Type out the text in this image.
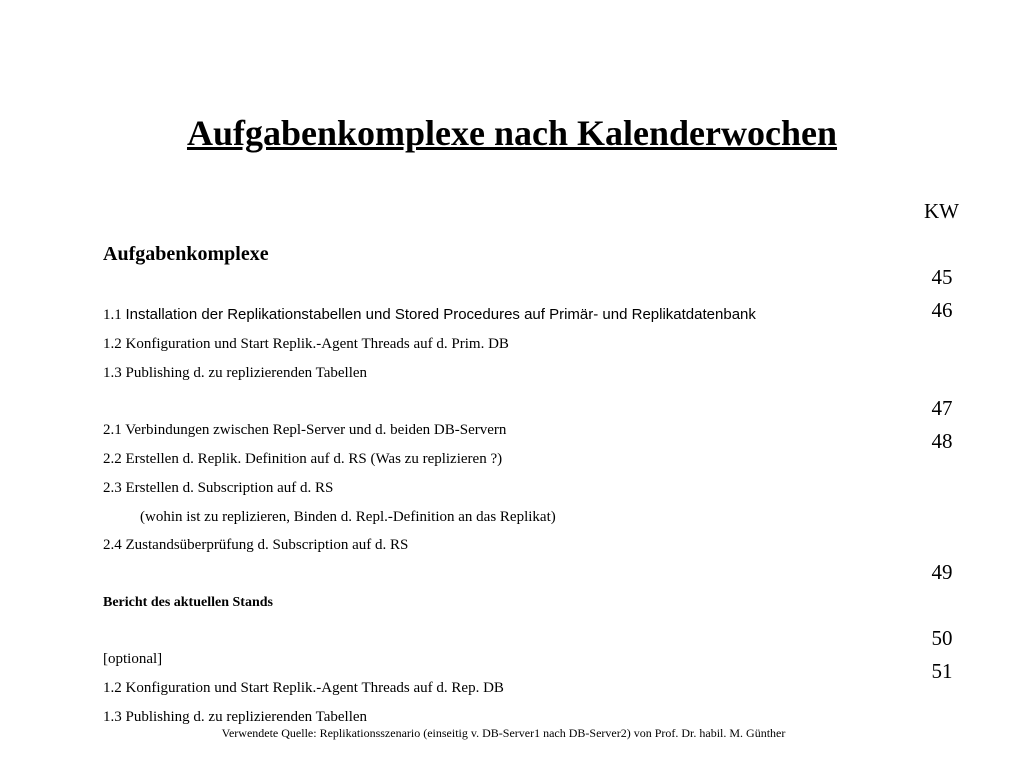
Aufgabenkomplexe nach Kalenderwochen
KW
Aufgabenkomplexe
1.1 Installation der Replikationstabellen und Stored Procedures auf Primär- und Replikatdatenbank
1.2 Konfiguration und Start Replik.-Agent Threads auf d. Prim. DB
1.3 Publishing d. zu replizierenden Tabellen
2.1 Verbindungen zwischen Repl-Server und d. beiden DB-Servern
2.2 Erstellen d. Replik. Definition auf d. RS (Was zu replizieren ?)
2.3 Erstellen d. Subscription auf d. RS
(wohin ist zu replizieren, Binden d. Repl.-Definition an das Replikat)
2.4 Zustandsüberprüfung d. Subscription auf d. RS
Bericht des aktuellen Stands
[optional]
1.2 Konfiguration und Start Replik.-Agent Threads auf d. Rep. DB
1.3 Publishing d. zu replizierenden Tabellen
45
46
47
48
49
50
51
Verwendete Quelle: Replikationsszenario (einseitig v. DB-Server1 nach DB-Server2) von Prof. Dr. habil. M. Günther
